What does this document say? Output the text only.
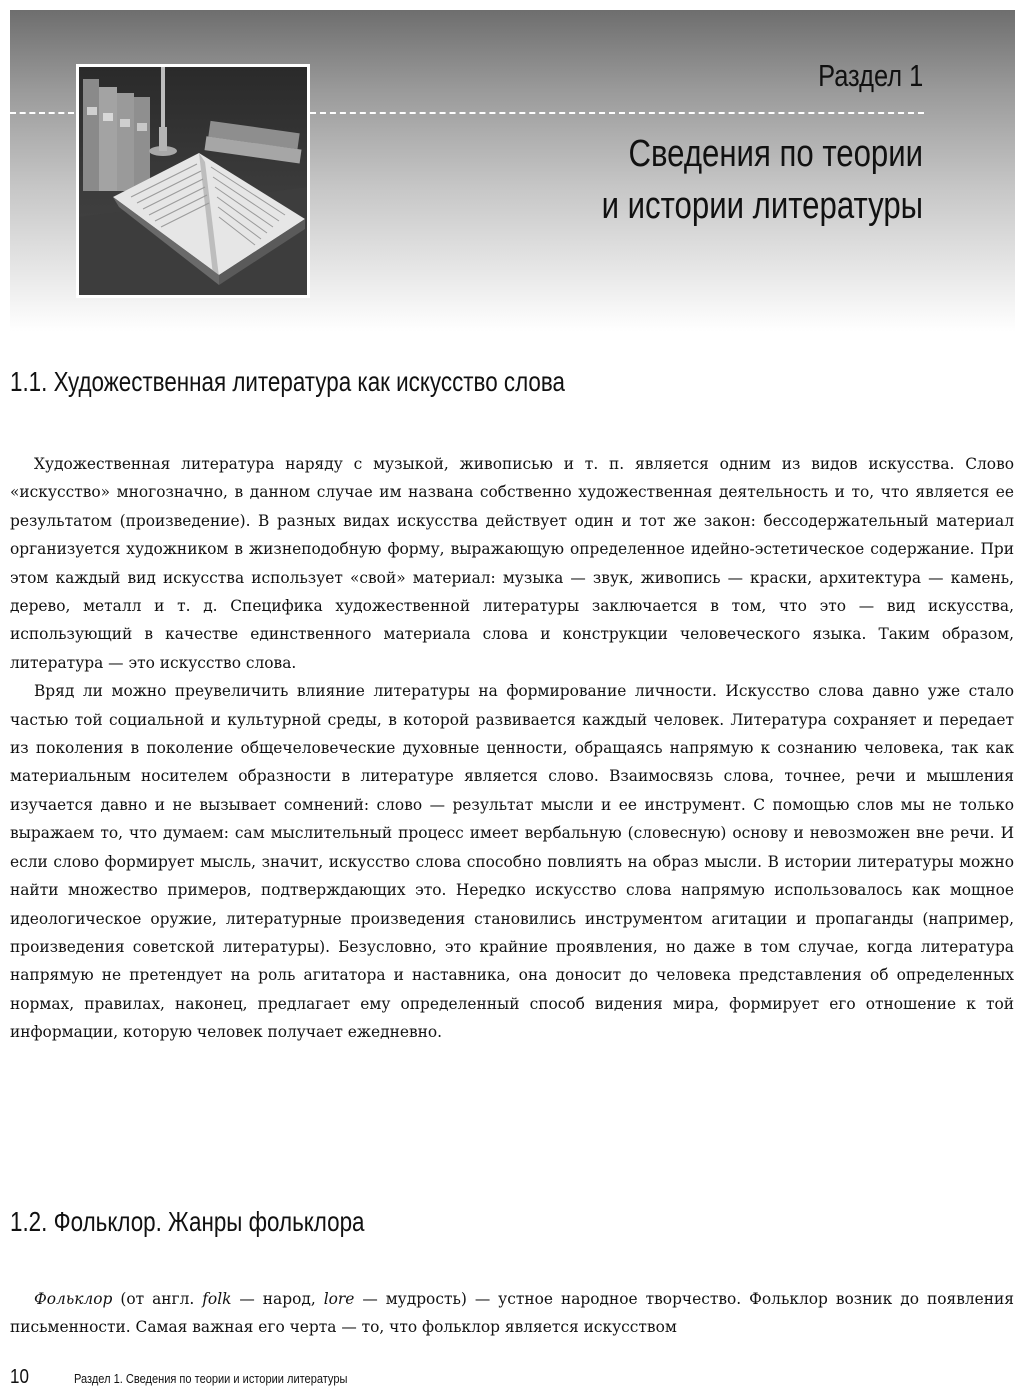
Раздел 1
Сведения по теории
и истории литературы
1.1. Художественная литература как искусство слова

Художественная литература наряду с музыкой, живописью и т. п. является одним из видов искусства. Слово «искусство» многозначно, в данном случае им названа собственно художественная деятельность и то, что является ее результатом (произведение). В разных видах искусства действует один и тот же закон: бессодержательный материал организуется художником в жизнеподобную форму, выражающую определенное идейно-эстетическое содержание. При этом каждый вид искусства использует «свой» материал: музыка — звук, живопись — краски, архитектура — камень, дерево, металл и т. д. Специфика художественной литературы заключается в том, что это — вид искусства, использующий в качестве единственного материала слова и конструкции человеческого языка. Таким образом, литература — это искусство слова.

Вряд ли можно преувеличить влияние литературы на формирование личности. Искусство слова давно уже стало частью той социальной и культурной среды, в которой развивается каждый человек. Литература сохраняет и передает из поколения в поколение общечеловеческие духовные ценности, обращаясь напрямую к сознанию человека, так как материальным носителем образности в литературе является слово. Взаимосвязь слова, точнее, речи и мышления изучается давно и не вызывает сомнений: слово — результат мысли и ее инструмент. С помощью слов мы не только выражаем то, что думаем: сам мыслительный процесс имеет вербальную (словесную) основу и невозможен вне речи. И если слово формирует мысль, значит, искусство слова способно повлиять на образ мысли. В истории литературы можно найти множество примеров, подтверждающих это. Нередко искусство слова напрямую использовалось как мощное идеологическое оружие, литературные произведения становились инструментом агитации и пропаганды (например, произведения советской литературы). Безусловно, это крайние проявления, но даже в том случае, когда литература напрямую не претендует на роль агитатора и наставника, она доносит до человека представления об определенных нормах, правилах, наконец, предлагает ему определенный способ видения мира, формирует его отношение к той информации, которую человек получает ежедневно.

1.2. Фольклор. Жанры фольклора

Фольклор (от англ. folk — народ, lore — мудрость) — устное народное творчество. Фольклор возник до появления письменности. Самая важная его черта — то, что фольклор является искусством

10	Раздел 1. Сведения по теории и истории литературы
